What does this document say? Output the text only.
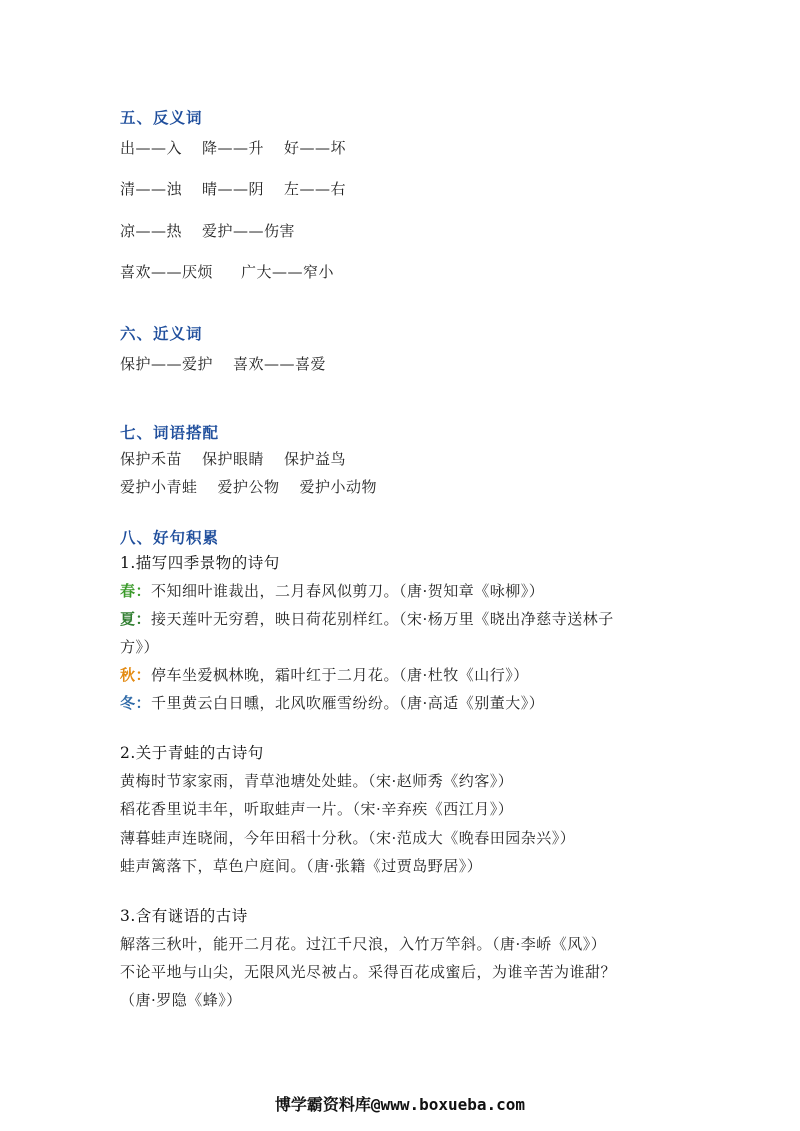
五、反义词
出——入 降——升 好——坏
清——浊 晴——阴 左——右
凉——热 爱护——伤害
喜欢——厌烦 广大——窄小
六、近义词
保护——爱护 喜欢——喜爱
七、词语搭配
保护禾苗 保护眼睛 保护益鸟
爱护小青蛙 爱护公物 爱护小动物
八、好句积累
1.描写四季景物的诗句
春：不知细叶谁裁出，二月春风似剪刀。（唐·贺知章《咏柳》）
夏：接天莲叶无穷碧，映日荷花别样红。（宋·杨万里《晓出净慈寺送林子
方》）
秋：停车坐爱枫林晚，霜叶红于二月花。（唐·杜牧《山行》）
冬：千里黄云白日曛，北风吹雁雪纷纷。（唐·高适《别董大》）
2.关于青蛙的古诗句
黄梅时节家家雨，青草池塘处处蛙。（宋·赵师秀《约客》）
稻花香里说丰年，听取蛙声一片。（宋·辛弃疾《西江月》）
薄暮蛙声连晓闹，今年田稻十分秋。（宋·范成大《晚春田园杂兴》）
蛙声篱落下，草色户庭间。（唐·张籍《过贾岛野居》）
3.含有谜语的古诗
解落三秋叶，能开二月花。过江千尺浪，入竹万竿斜。（唐·李峤《风》）
不论平地与山尖，无限风光尽被占。采得百花成蜜后，为谁辛苦为谁甜？
（唐·罗隐《蜂》）
博学霸资料库@www.boxueba.com
